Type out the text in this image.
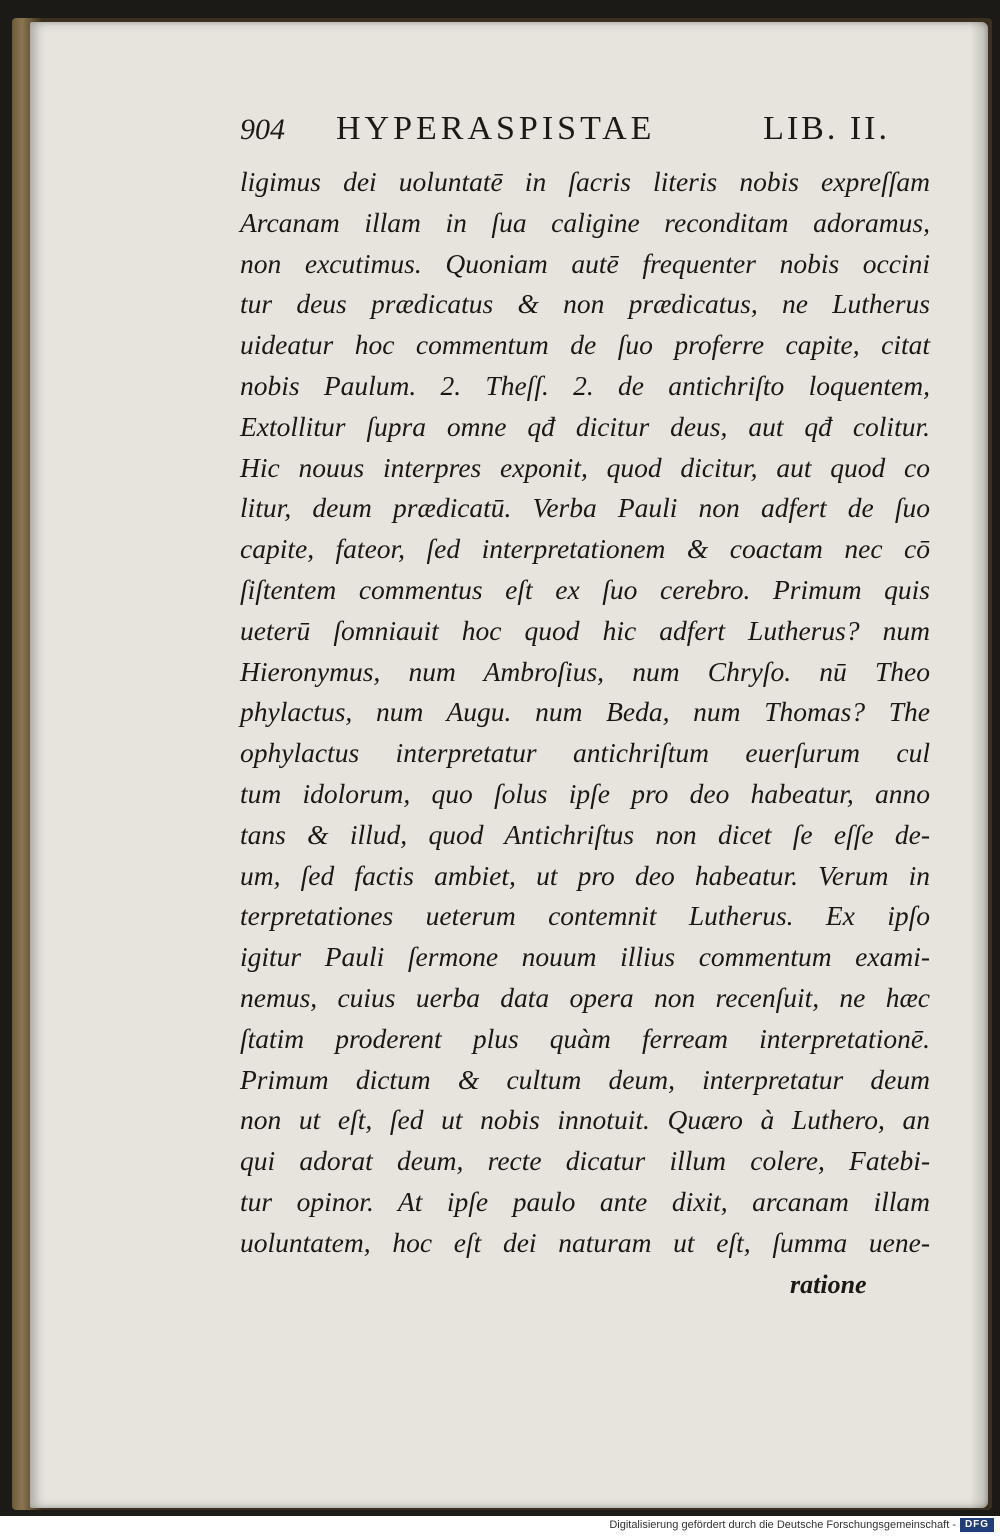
904	HYPERASPISTAE	LIB. II.
ligimus dei uoluntatē in ſacris literis nobis expreſſam
Arcanam illam in ſua caligine reconditam adoramus,
non excutimus. Quoniam autē frequenter nobis occini
tur deus prædicatus & non prædicatus, ne Lutherus
uideatur hoc commentum de ſuo proferre capite, citat
nobis Paulum. 2. Theſſ. 2. de antichriſto loquentem,
Extollitur ſupra omne qđ dicitur deus, aut qđ colitur.
Hic nouus interpres exponit, quod dicitur, aut quod co
litur, deum prædicatū. Verba Pauli non adfert de ſuo
capite, fateor, ſed interpretationem & coactam nec cō
ſiſtentem commentus eſt ex ſuo cerebro. Primum quis
ueterū ſomniauit hoc quod hic adfert Lutherus? num
Hieronymus, num Ambroſius, num Chryſo. nū Theo
phylactus, num Augu. num Beda, num Thomas? The
ophylactus interpretatur antichriſtum euerſurum cul
tum idolorum, quo ſolus ipſe pro deo habeatur, anno
tans & illud, quod Antichriſtus non dicet ſe eſſe de-
um, ſed factis ambiet, ut pro deo habeatur. Verum in
terpretationes ueterum contemnit Lutherus. Ex ipſo
igitur Pauli ſermone nouum illius commentum exami-
nemus, cuius uerba data opera non recenſuit, ne hæc
ſtatim proderent plus quàm ferream interpretationē.
Primum dictum & cultum deum, interpretatur deum
non ut eſt, ſed ut nobis innotuit. Quæro à Luthero, an
qui adorat deum, recte dicatur illum colere, Fatebi-
tur opinor. At ipſe paulo ante dixit, arcanam illam
uoluntatem, hoc eſt dei naturam ut eſt, ſumma uene-
ratione
Digitalisierung gefördert durch die Deutsche Forschungsgemeinschaft - DFG
